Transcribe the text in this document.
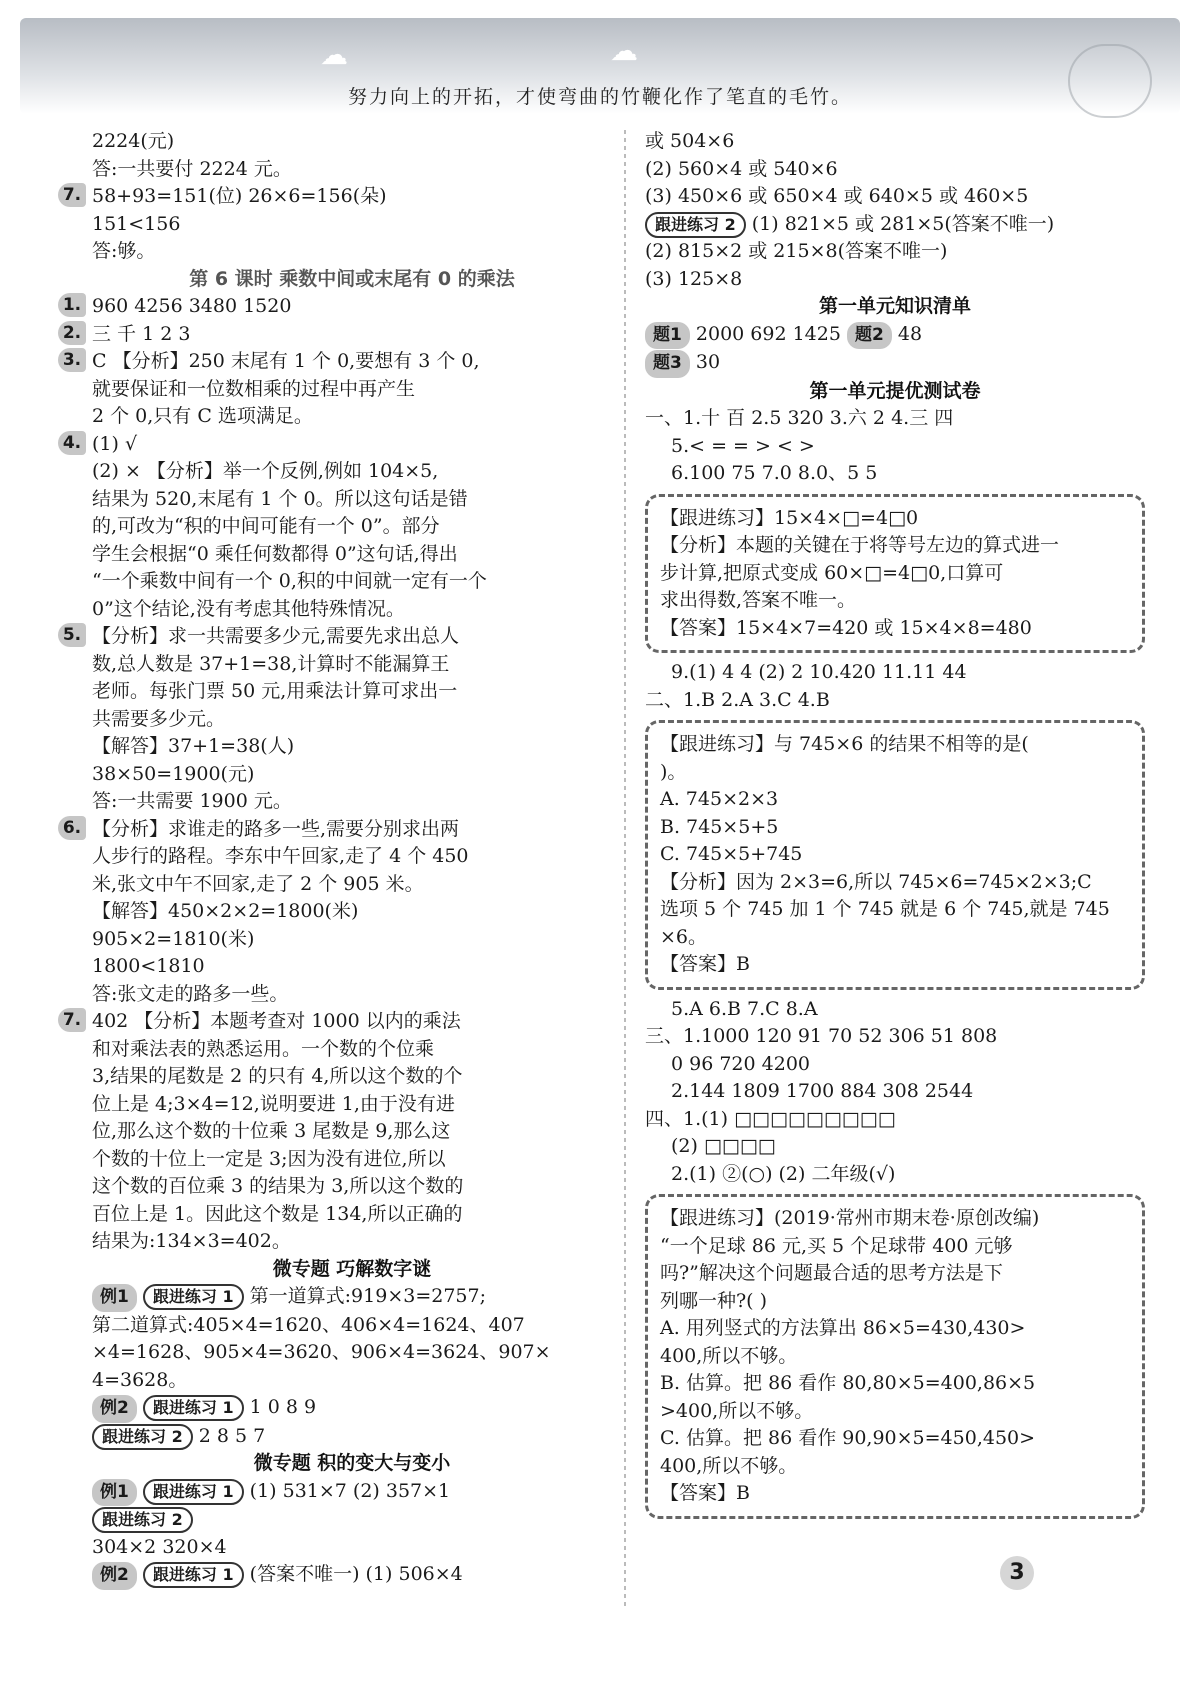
☁	☁
努力向上的开拓，才使弯曲的竹鞭化作了笔直的毛竹。
2224(元)
答:一共要付 2224 元。
7. 58+93=151(位) 26×6=156(朵)
151<156
答:够。
第 6 课时 乘数中间或末尾有 0 的乘法
1. 960 4256 3480 1520
2. 三 千 1 2 3
3. C 【分析】250 末尾有 1 个 0,要想有 3 个 0,
就要保证和一位数相乘的过程中再产生
2 个 0,只有 C 选项满足。
4. (1) √
(2) × 【分析】举一个反例,例如 104×5,
结果为 520,末尾有 1 个 0。所以这句话是错
的,可改为“积的中间可能有一个 0”。部分
学生会根据“0 乘任何数都得 0”这句话,得出
“一个乘数中间有一个 0,积的中间就一定有一个
0”这个结论,没有考虑其他特殊情况。
5. 【分析】求一共需要多少元,需要先求出总人
数,总人数是 37+1=38,计算时不能漏算王
老师。每张门票 50 元,用乘法计算可求出一
共需要多少元。
【解答】37+1=38(人)
38×50=1900(元)
答:一共需要 1900 元。
6. 【分析】求谁走的路多一些,需要分别求出两
人步行的路程。李东中午回家,走了 4 个 450
米,张文中午不回家,走了 2 个 905 米。
【解答】450×2×2=1800(米)
905×2=1810(米)
1800<1810
答:张文走的路多一些。
7. 402 【分析】本题考查对 1000 以内的乘法
和对乘法表的熟悉运用。一个数的个位乘
3,结果的尾数是 2 的只有 4,所以这个数的个
位上是 4;3×4=12,说明要进 1,由于没有进
位,那么这个数的十位乘 3 尾数是 9,那么这
个数的十位上一定是 3;因为没有进位,所以
这个数的百位乘 3 的结果为 3,所以这个数的
百位上是 1。因此这个数是 134,所以正确的
结果为:134×3=402。
微专题 巧解数字谜
例1 跟进练习 1 第一道算式:919×3=2757;
第二道算式:405×4=1620、406×4=1624、407
×4=1628、905×4=3620、906×4=3624、907×
4=3628。
例2 跟进练习 1 1 0 8 9
跟进练习 2 2 8 5 7
微专题 积的变大与变小
例1 跟进练习 1 (1) 531×7 (2) 357×1
跟进练习 2
304×2 320×4
例2 跟进练习 1 (答案不唯一) (1) 506×4
或 504×6
(2) 560×4 或 540×6
(3) 450×6 或 650×4 或 640×5 或 460×5
跟进练习 2 (1) 821×5 或 281×5(答案不唯一)
(2) 815×2 或 215×8(答案不唯一)
(3) 125×8
第一单元知识清单
题1 2000 692 1425 题2 48
题3 30
第一单元提优测试卷
一、1.十 百 2.5 320 3.六 2 4.三 四
5.< = = > < >
6.100 75 7.0 8.0、5 5
【跟进练习】15×4×□=4□0
【分析】本题的关键在于将等号左边的算式进一
步计算,把原式变成 60×□=4□0,口算可
求出得数,答案不唯一。
【答案】15×4×7=420 或 15×4×8=480
9.(1) 4 4 (2) 2 10.420 11.11 44
二、1.B 2.A 3.C 4.B
【跟进练习】与 745×6 的结果不相等的是(
)。
A. 745×2×3
B. 745×5+5
C. 745×5+745
【分析】因为 2×3=6,所以 745×6=745×2×3;C
选项 5 个 745 加 1 个 745 就是 6 个 745,就是 745
×6。
【答案】B
5.A 6.B 7.C 8.A
三、1.1000 120 91 70 52 306 51 808
0 96 720 4200
2.144 1809 1700 884 308 2544
四、1.(1) □□□□□□□□□
(2) □□□□
2.(1) ②(○) (2) 二年级(√)
【跟进练习】(2019·常州市期末卷·原创改编)
“一个足球 86 元,买 5 个足球带 400 元够
吗?”解决这个问题最合适的思考方法是下
列哪一种?( )
A. 用列竖式的方法算出 86×5=430,430>
400,所以不够。
B. 估算。把 86 看作 80,80×5=400,86×5
>400,所以不够。
C. 估算。把 86 看作 90,90×5=450,450>
400,所以不够。
【答案】B
3
